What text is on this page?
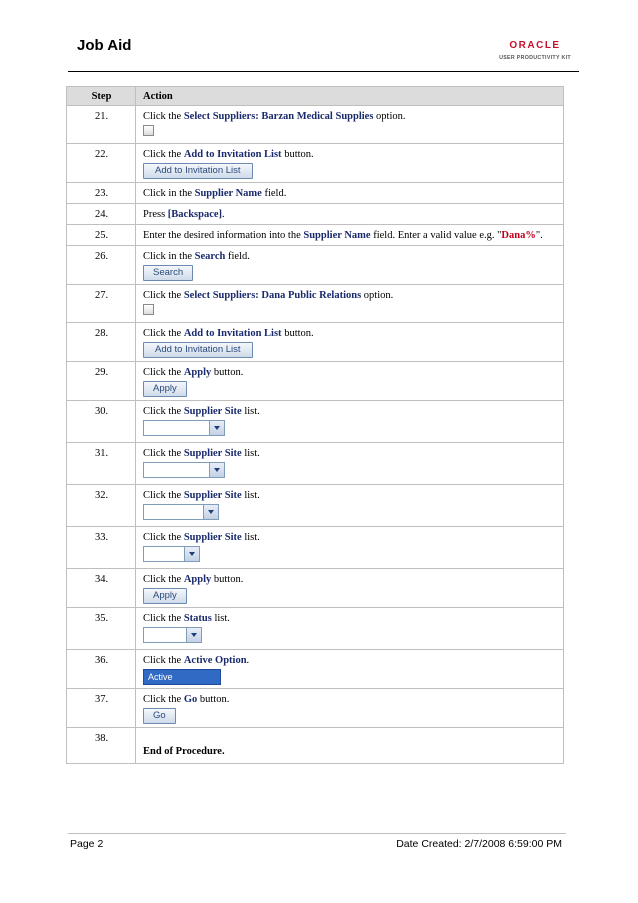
Job Aid	ORACLE
USER PRODUCTIVITY KIT
Step	Action
21.	Click the Select Suppliers: Barzan Medical Supplies option.

22.	Click the Add to Invitation List button.
Add to Invitation List

23.	Click in the Supplier Name field.
24.	Press [Backspace].
25.	Enter the desired information into the Supplier Name field. Enter a valid value e.g. "Dana%".
26.	Click in the Search field.
Search

27.	Click the Select Suppliers: Dana Public Relations option.

28.	Click the Add to Invitation List button.
Add to Invitation List

29.	Click the Apply button.
Apply

30.	Click the Supplier Site list.

31.	Click the Supplier Site list.

32.	Click the Supplier Site list.

33.	Click the Supplier Site list.

34.	Click the Apply button.
Apply

35.	Click the Status list.

36.	Click the Active Option.
Active

37.	Click the Go button.
Go

38.	End of Procedure.
Page 2	Date Created: 2/7/2008 6:59:00 PM
